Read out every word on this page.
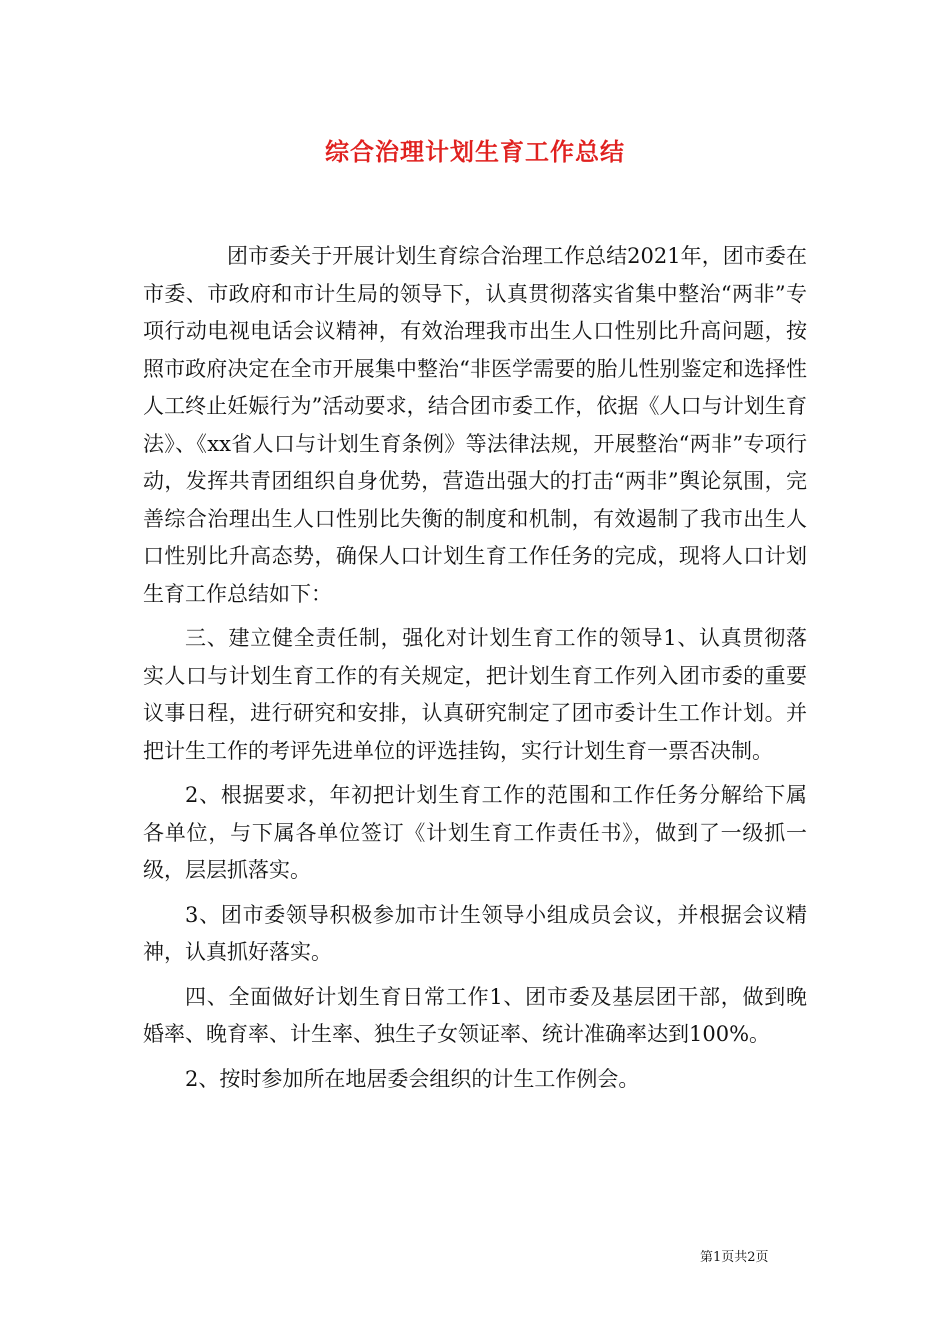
综合治理计划生育工作总结

团市委关于开展计划生育综合治理工作总结2021年，团市委在市委、市政府和市计生局的领导下，认真贯彻落实省集中整治“两非”专项行动电视电话会议精神，有效治理我市出生人口性别比升高问题，按照市政府决定在全市开展集中整治“非医学需要的胎儿性别鉴定和选择性人工终止妊娠行为”活动要求，结合团市委工作，依据《人口与计划生育法》、《xx省人口与计划生育条例》等法律法规，开展整治“两非”专项行动，发挥共青团组织自身优势，营造出强大的打击“两非”舆论氛围，完善综合治理出生人口性别比失衡的制度和机制，有效遏制了我市出生人口性别比升高态势，确保人口计划生育工作任务的完成，现将人口计划生育工作总结如下：

三、建立健全责任制，强化对计划生育工作的领导1、认真贯彻落实人口与计划生育工作的有关规定，把计划生育工作列入团市委的重要议事日程，进行研究和安排，认真研究制定了团市委计生工作计划。并把计生工作的考评先进单位的评选挂钩，实行计划生育一票否决制。

2、根据要求，年初把计划生育工作的范围和工作任务分解给下属各单位，与下属各单位签订《计划生育工作责任书》，做到了一级抓一级，层层抓落实。

3、团市委领导积极参加市计生领导小组成员会议，并根据会议精神，认真抓好落实。

四、全面做好计划生育日常工作1、团市委及基层团干部，做到晚婚率、晚育率、计生率、独生子女领证率、统计准确率达到100%。

2、按时参加所在地居委会组织的计生工作例会。

第1页共2页
